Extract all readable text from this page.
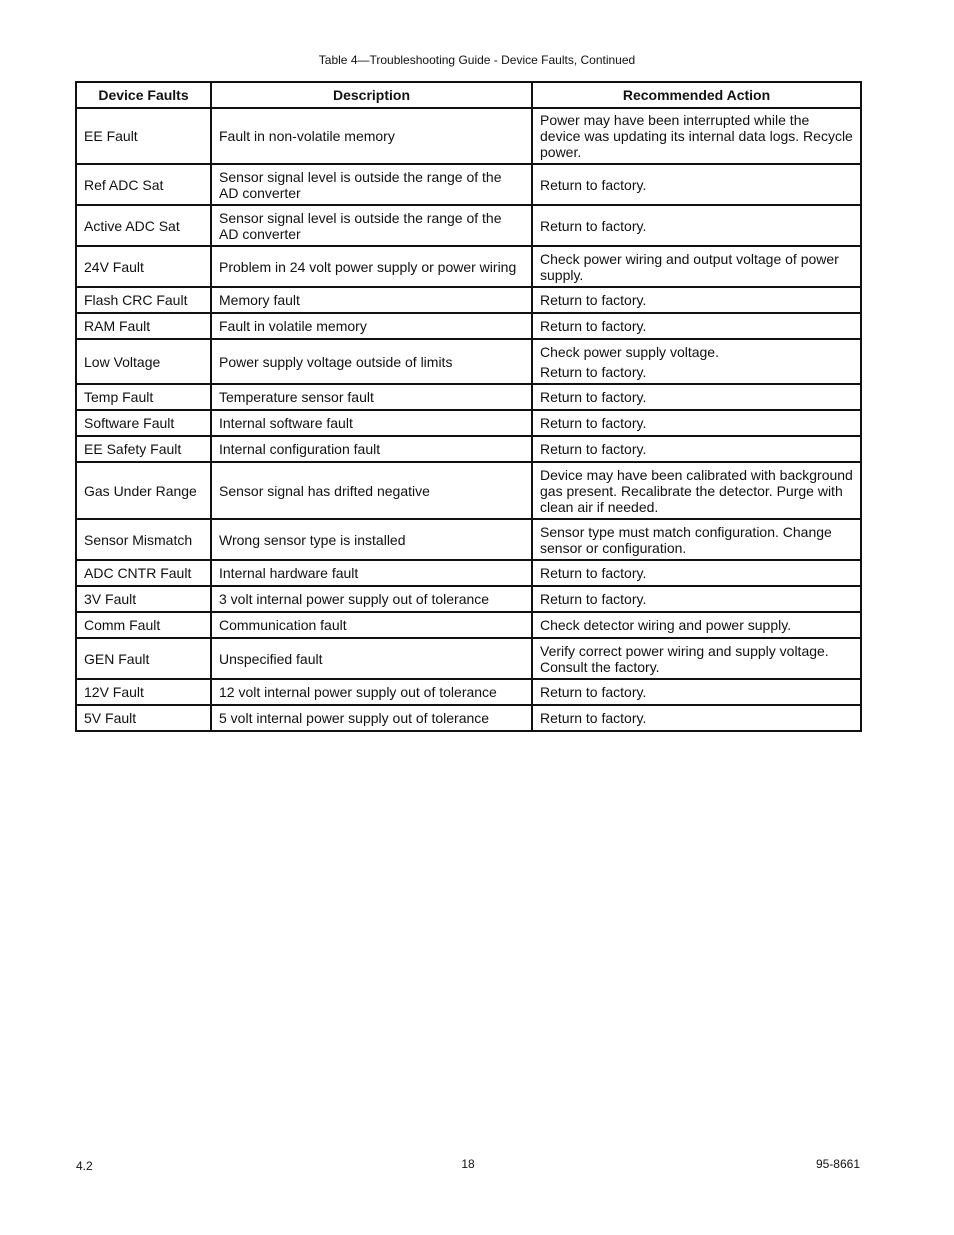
Table 4—Troubleshooting Guide - Device Faults, Continued
Device Faults	Description	Recommended Action
EE Fault	Fault in non-volatile memory	Power may have been interrupted while the device was updating its internal data logs. Recycle power.

Ref ADC Sat	Sensor signal level is outside the range of the AD converter	Return to factory.

Active ADC Sat	Sensor signal level is outside the range of the AD converter	Return to factory.

24V Fault	Problem in 24 volt power supply or power wiring	Check power wiring and output voltage of power supply.

Flash CRC Fault	Memory fault	Return to factory.

RAM Fault	Fault in volatile memory	Return to factory.

Low Voltage	Power supply voltage outside of limits	Check power supply voltage.
Return to factory.

Temp Fault	Temperature sensor fault	Return to factory.

Software Fault	Internal software fault	Return to factory.

EE Safety Fault	Internal configuration fault	Return to factory.

Gas Under Range	Sensor signal has drifted negative	Device may have been calibrated with background gas present. Recalibrate the detector. Purge with clean air if needed.

Sensor Mismatch	Wrong sensor type is installed	Sensor type must match configuration. Change sensor or configuration.

ADC CNTR Fault	Internal hardware fault	Return to factory.

3V Fault	3 volt internal power supply out of tolerance	Return to factory.

Comm Fault	Communication fault	Check detector wiring and power supply.

GEN Fault	Unspecified fault	Verify correct power wiring and supply voltage. Consult the factory.

12V Fault	12 volt internal power supply out of tolerance	Return to factory.

5V Fault	5 volt internal power supply out of tolerance	Return to factory.
4.2	18	95-8661
